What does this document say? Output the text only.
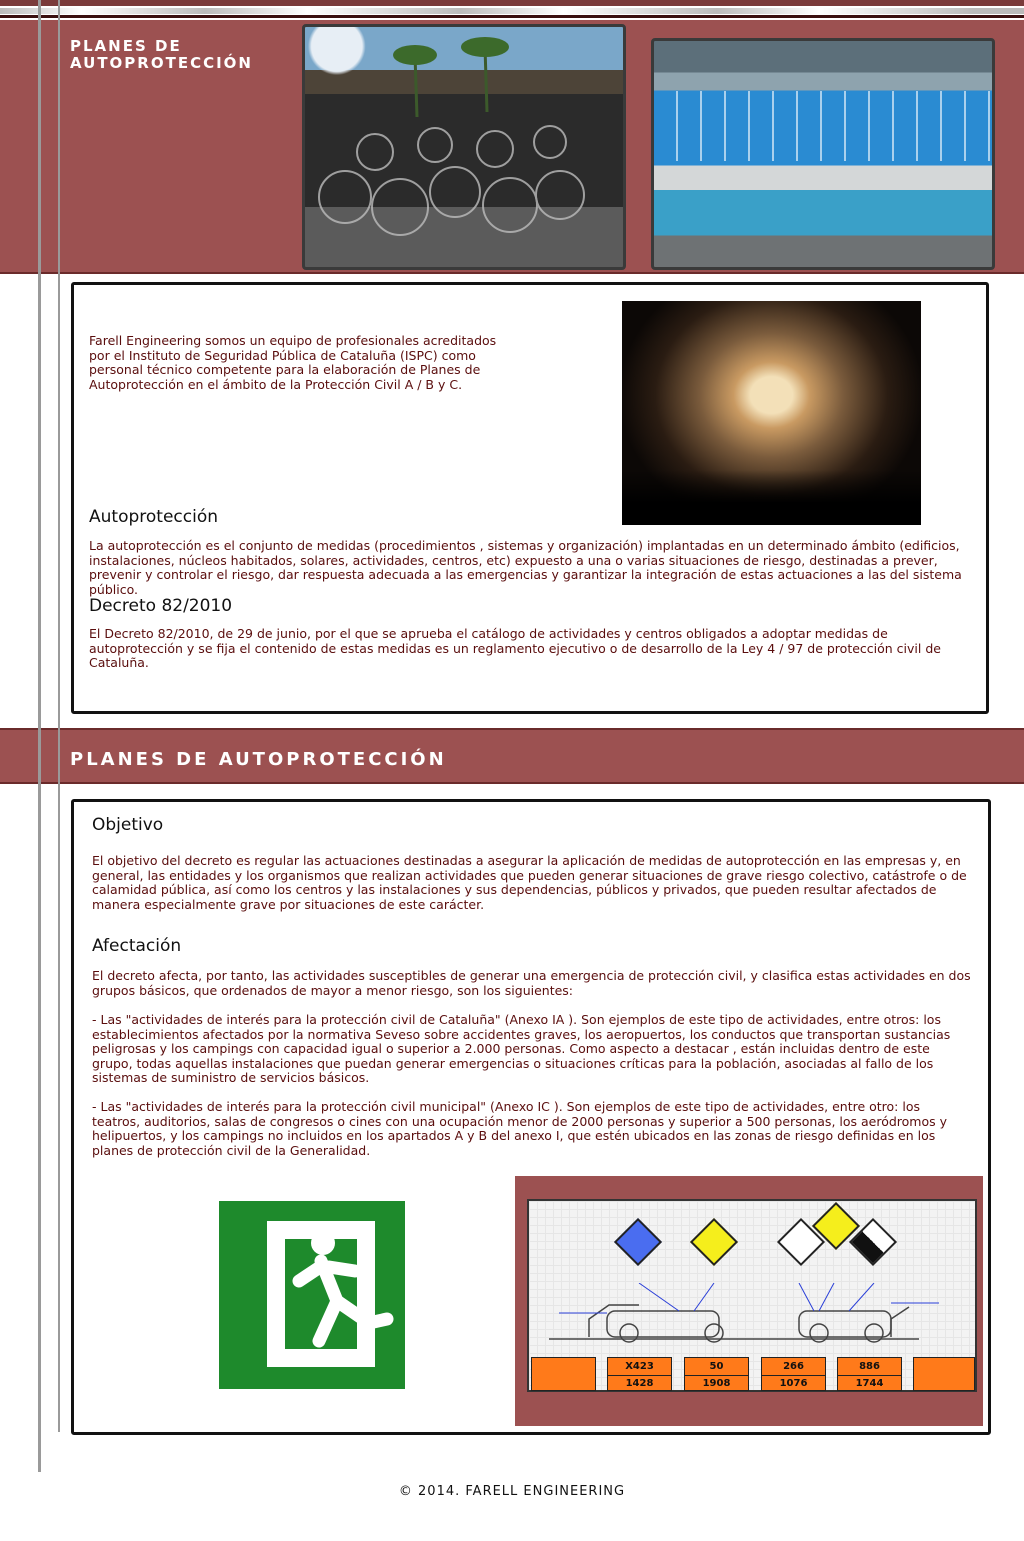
PLANES DE AUTOPROTECCIÓN
Farell Engineering somos un equipo de profesionales acreditados por el Instituto de Seguridad Pública de Cataluña (ISPC) como personal técnico competente para la elaboración de Planes de Autoprotección en el ámbito de la Protección Civil A / B y C.
Autoprotección
La autoprotección es el conjunto de medidas (procedimientos , sistemas y organización) implantadas en un determinado ámbito (edificios, instalaciones, núcleos habitados, solares, actividades, centros, etc) expuesto a una o varias situaciones de riesgo, destinadas a prever, prevenir y controlar el riesgo, dar respuesta adecuada a las emergencias y garantizar la integración de estas actuaciones a las del sistema público.
Decreto 82/2010
El Decreto 82/2010, de 29 de junio, por el que se aprueba el catálogo de actividades y centros obligados a adoptar medidas de autoprotección y se fija el contenido de estas medidas es un reglamento ejecutivo o de desarrollo de la Ley 4 / 97 de protección civil de Cataluña.
PLANES DE AUTOPROTECCIÓN
Objetivo
El objetivo del decreto es regular las actuaciones destinadas a asegurar la aplicación de medidas de autoprotección en las empresas y, en general, las entidades y los organismos que realizan actividades que pueden generar situaciones de grave riesgo colectivo, catástrofe o de calamidad pública, así como los centros y las instalaciones y sus dependencias, públicos y privados, que pueden resultar afectados de manera especialmente grave por situaciones de este carácter.
Afectación
El decreto afecta, por tanto, las actividades susceptibles de generar una emergencia de protección civil, y clasifica estas actividades en dos grupos básicos, que ordenados de mayor a menor riesgo, son los siguientes:
- Las "actividades de interés para la protección civil de Cataluña" (Anexo IA ). Son ejemplos de este tipo de actividades, entre otros: los establecimientos afectados por la normativa Seveso sobre accidentes graves, los aeropuertos, los conductos que transportan sustancias peligrosas y los campings con capacidad igual o superior a 2.000 personas. Como aspecto a destacar , están incluidas dentro de este grupo, todas aquellas instalaciones que puedan generar emergencias o situaciones críticas para la población, asociadas al fallo de los sistemas de suministro de servicios básicos.
- Las "actividades de interés para la protección civil municipal" (Anexo IC ). Son ejemplos de este tipo de actividades, entre otro: los teatros, auditorios, salas de congresos o cines con una ocupación menor de 2000 personas y superior a 500 personas, los aeródromos y helipuertos, y los campings no incluidos en los apartados A y B del anexo I, que estén ubicados en las zonas de riesgo definidas en los planes de protección civil de la Generalidad.
X423
1428
50
1908
266
1076
886
1744
© 2014. FARELL ENGINEERING
